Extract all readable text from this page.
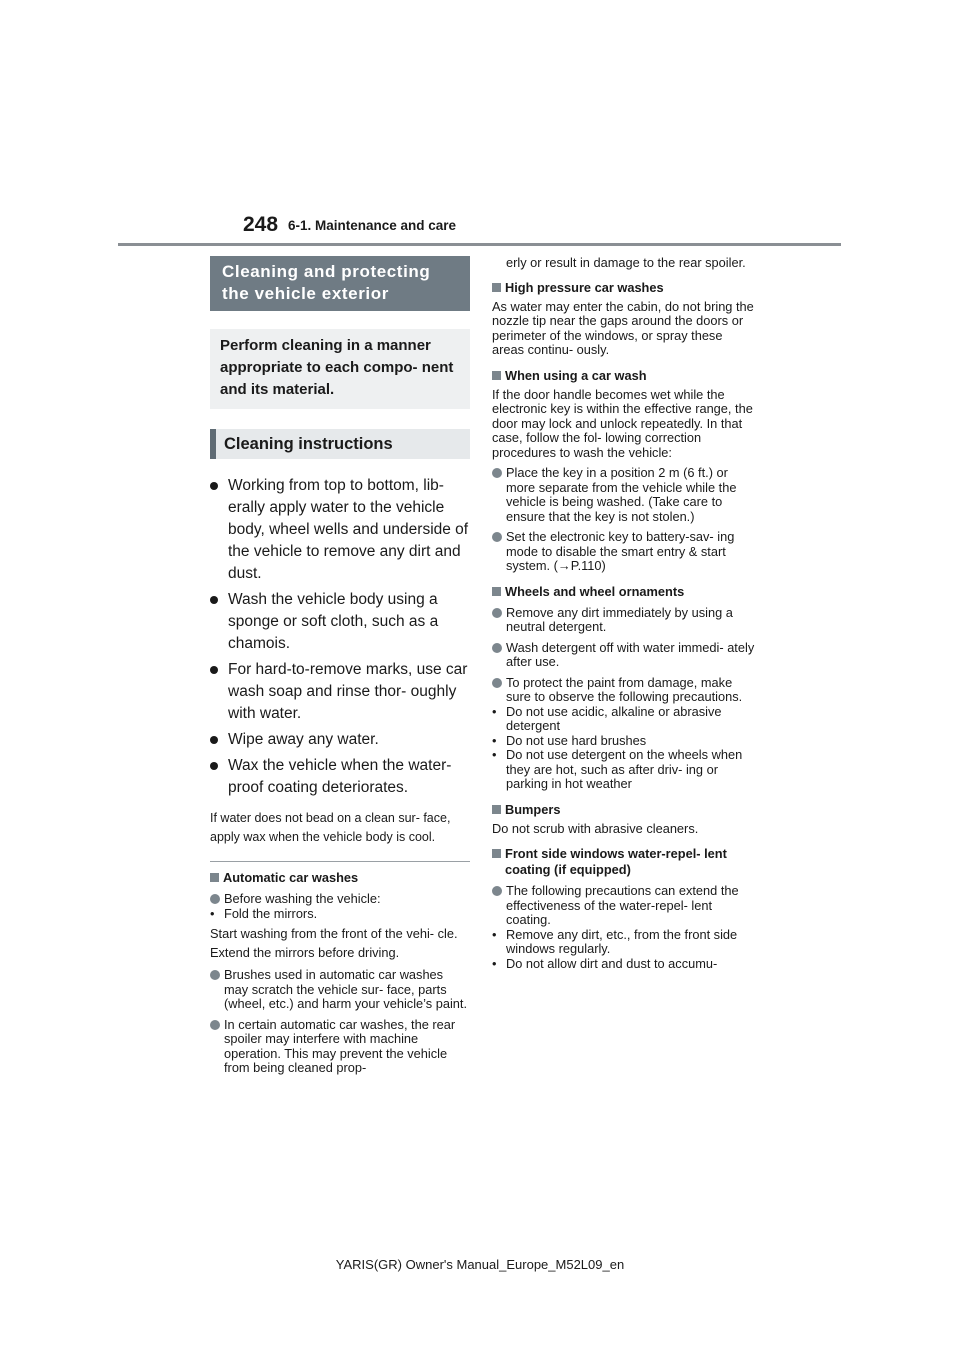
248 6-1. Maintenance and care
Cleaning and protecting the vehicle exterior
Perform cleaning in a manner appropriate to each compo- nent and its material.
Cleaning instructions
Working from top to bottom, lib- erally apply water to the vehicle body, wheel wells and underside of the vehicle to remove any dirt and dust.
Wash the vehicle body using a sponge or soft cloth, such as a chamois.
For hard-to-remove marks, use car wash soap and rinse thor- oughly with water.
Wipe away any water.
Wax the vehicle when the water- proof coating deteriorates.
If water does not bead on a clean sur- face, apply wax when the vehicle body is cool.
Automatic car washes
Before washing the vehicle:
• Fold the mirrors.
Start washing from the front of the vehi- cle. Extend the mirrors before driving.
Brushes used in automatic car washes may scratch the vehicle sur- face, parts (wheel, etc.) and harm your vehicle’s paint.
In certain automatic car washes, the rear spoiler may interfere with machine operation. This may prevent the vehicle from being cleaned prop-
erly or result in damage to the rear spoiler.
High pressure car washes
As water may enter the cabin, do not bring the nozzle tip near the gaps around the doors or perimeter of the windows, or spray these areas continu- ously.
When using a car wash
If the door handle becomes wet while the electronic key is within the effective range, the door may lock and unlock repeatedly. In that case, follow the fol- lowing correction procedures to wash the vehicle:
Place the key in a position 2 m (6 ft.) or more separate from the vehicle while the vehicle is being washed. (Take care to ensure that the key is not stolen.)
Set the electronic key to battery-sav- ing mode to disable the smart entry & start system. (→P.110)
Wheels and wheel ornaments
Remove any dirt immediately by using a neutral detergent.
Wash detergent off with water immedi- ately after use.
To protect the paint from damage, make sure to observe the following precautions.
• Do not use acidic, alkaline or abrasive detergent
• Do not use hard brushes
• Do not use detergent on the wheels when they are hot, such as after driv- ing or parking in hot weather
Bumpers
Do not scrub with abrasive cleaners.
Front side windows water-repel- lent coating (if equipped)
The following precautions can extend the effectiveness of the water-repel- lent coating.
• Remove any dirt, etc., from the front side windows regularly.
• Do not allow dirt and dust to accumu-
YARIS(GR) Owner's Manual_Europe_M52L09_en
